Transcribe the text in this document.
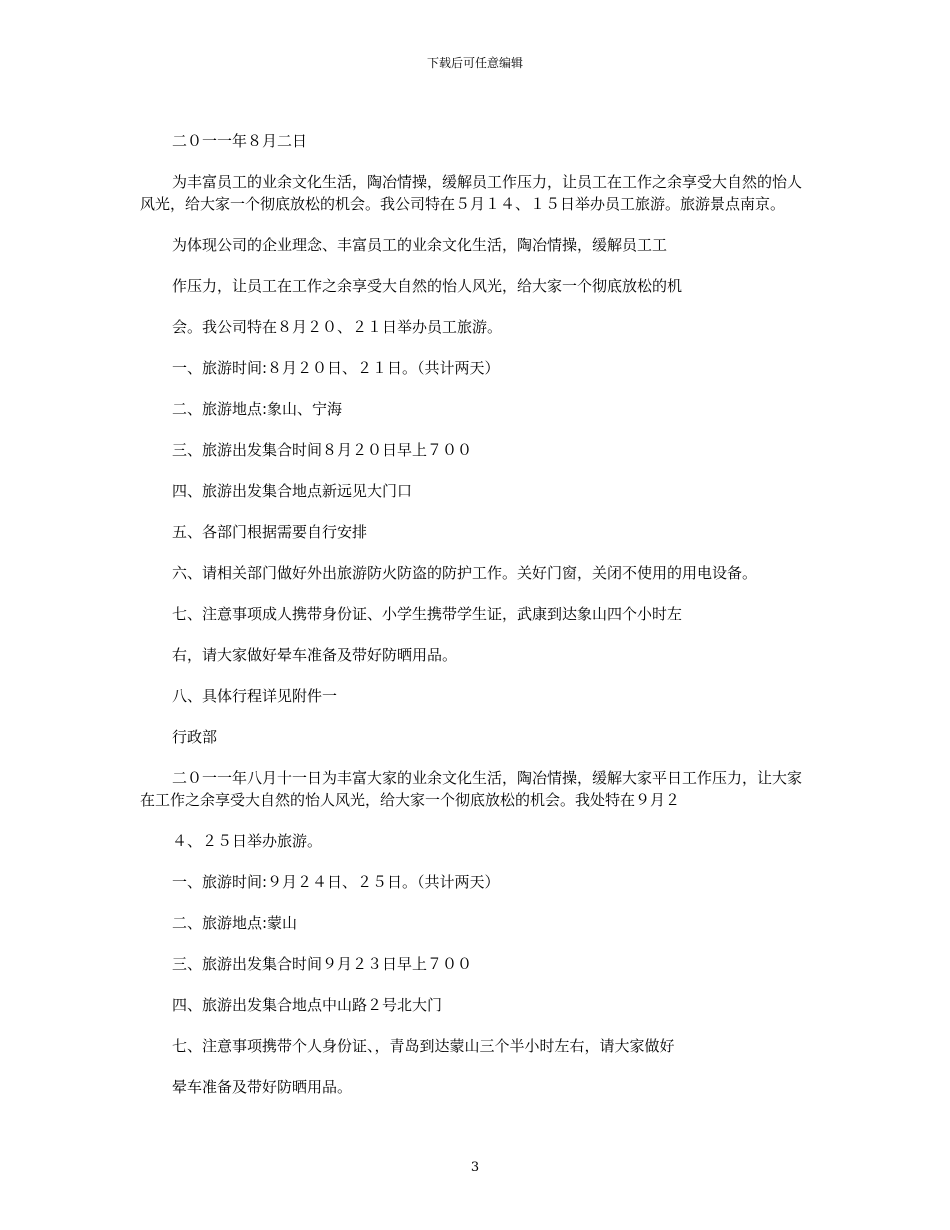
下载后可任意编辑

二０一一年８月二日

为丰富员工的业余文化生活，陶冶情操，缓解员工作压力，让员工在工作之余享受大自然的怡人风光，给大家一个彻底放松的机会。我公司特在５月１４、１５日举办员工旅游。旅游景点南京。

为体现公司的企业理念、丰富员工的业余文化生活，陶冶情操，缓解员工工

作压力，让员工在工作之余享受大自然的怡人风光，给大家一个彻底放松的机

会。我公司特在８月２０、２１日举办员工旅游。

一、旅游时间:８月２０日、２１日。（共计两天）

二、旅游地点:象山、宁海

三、旅游出发集合时间８月２０日早上７００

四、旅游出发集合地点新远见大门口

五、各部门根据需要自行安排

六、请相关部门做好外出旅游防火防盗的防护工作。关好门窗，关闭不使用的用电设备。

七、注意事项成人携带身份证、小学生携带学生证，武康到达象山四个小时左

右，请大家做好晕车准备及带好防晒用品。

八、具体行程详见附件一

行政部

二０一一年八月十一日为丰富大家的业余文化生活，陶冶情操，缓解大家平日工作压力，让大家在工作之余享受大自然的怡人风光，给大家一个彻底放松的机会。我处特在９月２

４、２５日举办旅游。

一、旅游时间:９月２４日、２５日。（共计两天）

二、旅游地点:蒙山

三、旅游出发集合时间９月２３日早上７００

四、旅游出发集合地点中山路２号北大门

七、注意事项携带个人身份证、，青岛到达蒙山三个半小时左右，请大家做好

晕车准备及带好防晒用品。

3
